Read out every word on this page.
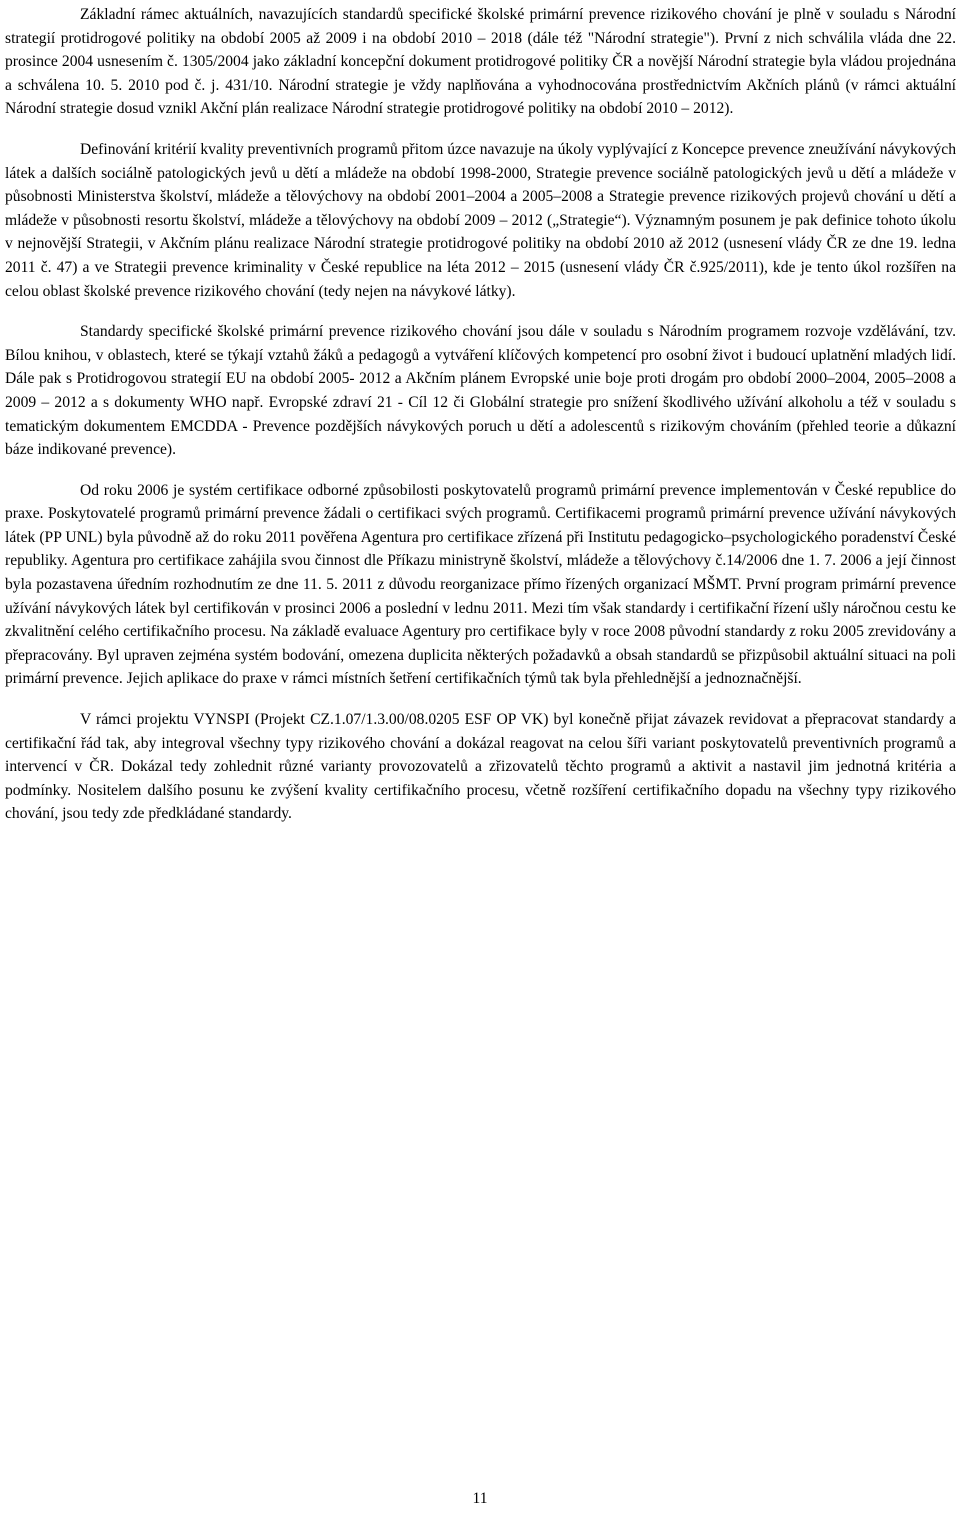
Základní rámec aktuálních, navazujících standardů specifické školské primární prevence rizikového chování je plně v souladu s Národní strategií protidrogové politiky na období 2005 až 2009 i na období 2010 – 2018 (dále též "Národní strategie"). První z nich schválila vláda dne 22. prosince 2004 usnesením č. 1305/2004 jako základní koncepční dokument protidrogové politiky ČR a novější Národní strategie byla vládou projednána a schválena 10. 5. 2010 pod č. j. 431/10. Národní strategie je vždy naplňována a vyhodnocována prostřednictvím Akčních plánů (v rámci aktuální Národní strategie dosud vznikl Akční plán realizace Národní strategie protidrogové politiky na období 2010 – 2012).

Definování kritérií kvality preventivních programů přitom úzce navazuje na úkoly vyplývající z Koncepce prevence zneužívání návykových látek a dalších sociálně patologických jevů u dětí a mládeže na období 1998-2000, Strategie prevence sociálně patologických jevů u dětí a mládeže v působnosti Ministerstva školství, mládeže a tělovýchovy na období 2001–2004 a 2005–2008 a Strategie prevence rizikových projevů chování u dětí a mládeže v působnosti resortu školství, mládeže a tělovýchovy na období 2009 – 2012 („Strategie“). Významným posunem je pak definice tohoto úkolu v nejnovější Strategii, v Akčním plánu realizace Národní strategie protidrogové politiky na období 2010 až 2012 (usnesení vlády ČR ze dne 19. ledna 2011 č. 47) a ve Strategii prevence kriminality v České republice na léta 2012 – 2015 (usnesení vlády ČR č.925/2011), kde je tento úkol rozšířen na celou oblast školské prevence rizikového chování (tedy nejen na návykové látky).

Standardy specifické školské primární prevence rizikového chování jsou dále v souladu s Národním programem rozvoje vzdělávání, tzv. Bílou knihou, v oblastech, které se týkají vztahů žáků a pedagogů a vytváření klíčových kompetencí pro osobní život i budoucí uplatnění mladých lidí. Dále pak s Protidrogovou strategií EU na období 2005- 2012 a Akčním plánem Evropské unie boje proti drogám pro období 2000–2004, 2005–2008 a 2009 – 2012 a s dokumenty WHO např. Evropské zdraví 21 - Cíl 12 či Globální strategie pro snížení škodlivého užívání alkoholu a též v souladu s tematickým dokumentem EMCDDA - Prevence pozdějších návykových poruch u dětí a adolescentů s rizikovým chováním (přehled teorie a důkazní báze indikované prevence).

Od roku 2006 je systém certifikace odborné způsobilosti poskytovatelů programů primární prevence implementován v České republice do praxe. Poskytovatelé programů primární prevence žádali o certifikaci svých programů. Certifikacemi programů primární prevence užívání návykových látek (PP UNL) byla původně až do roku 2011 pověřena Agentura pro certifikace zřízená při Institutu pedagogicko–psychologického poradenství České republiky. Agentura pro certifikace zahájila svou činnost dle Příkazu ministryně školství, mládeže a tělovýchovy č.14/2006 dne 1. 7. 2006 a její činnost byla pozastavena úředním rozhodnutím ze dne 11. 5. 2011 z důvodu reorganizace přímo řízených organizací MŠMT. První program primární prevence užívání návykových látek byl certifikován v prosinci 2006 a poslední v lednu 2011. Mezi tím však standardy i certifikační řízení ušly náročnou cestu ke zkvalitnění celého certifikačního procesu. Na základě evaluace Agentury pro certifikace byly v roce 2008 původní standardy z roku 2005 zrevidovány a přepracovány. Byl upraven zejména systém bodování, omezena duplicita některých požadavků a obsah standardů se přizpůsobil aktuální situaci na poli primární prevence. Jejich aplikace do praxe v rámci místních šetření certifikačních týmů tak byla přehlednější a jednoznačnější.

V rámci projektu VYNSPI (Projekt CZ.1.07/1.3.00/08.0205 ESF OP VK) byl konečně přijat závazek revidovat a přepracovat standardy a certifikační řád tak, aby integroval všechny typy rizikového chování a dokázal reagovat na celou šíři variant poskytovatelů preventivních programů a intervencí v ČR. Dokázal tedy zohlednit různé varianty provozovatelů a zřizovatelů těchto programů a aktivit a nastavil jim jednotná kritéria a podmínky. Nositelem dalšího posunu ke zvýšení kvality certifikačního procesu, včetně rozšíření certifikačního dopadu na všechny typy rizikového chování, jsou tedy zde předkládané standardy.

11
